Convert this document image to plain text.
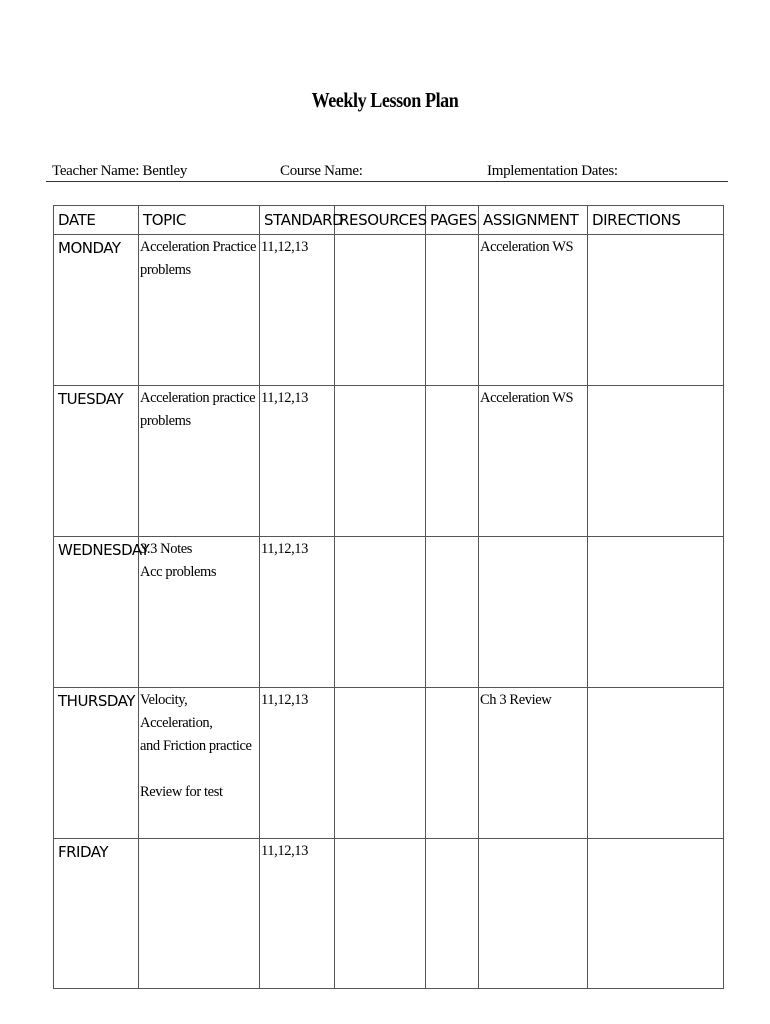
Weekly Lesson Plan
Teacher Name: Bentley	Course Name:	Implementation Dates:
DATE	TOPIC	STANDARD	RESOURCES	PAGES	ASSIGNMENT	DIRECTIONS
MONDAY	Acceleration Practice
problems	11,12,13			Acceleration WS	
TUESDAY	Acceleration practice
problems	11,12,13			Acceleration WS	
WEDNESDAY	3.3 Notes
Acc problems	11,12,13				
THURSDAY	Velocity, Acceleration,
and Friction practice
Review for test	11,12,13			Ch 3 Review	
FRIDAY		11,12,13				
